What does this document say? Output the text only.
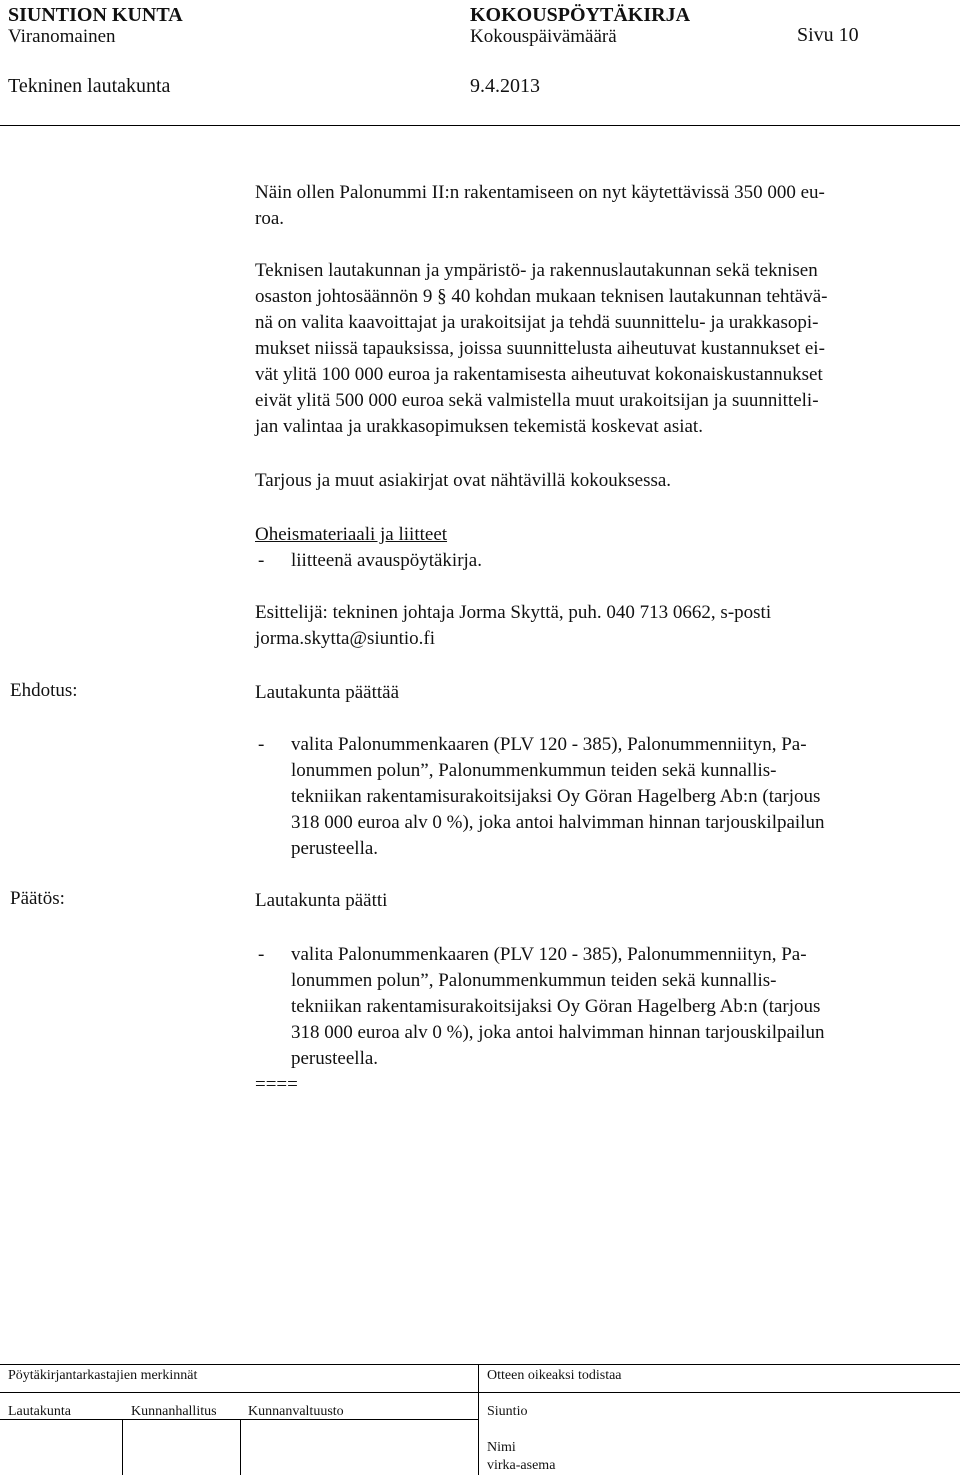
SIUNTION KUNTA	KOKOUSPÖYTÄKIRJA
Viranomainen	Kokouspäivämäärä	Sivu 10
Tekninen lautakunta	9.4.2013
Näin ollen Palonummi II:n rakentamiseen on nyt käytettävissä 350 000 eu-
roa.
Teknisen lautakunnan ja ympäristö- ja rakennuslautakunnan sekä teknisen
osaston johtosäännön 9 § 40 kohdan mukaan teknisen lautakunnan tehtävä-
nä on valita kaavoittajat ja urakoitsijat ja tehdä suunnittelu- ja urakkasopi-
mukset niissä tapauksissa, joissa suunnittelusta aiheutuvat kustannukset ei-
vät ylitä 100 000 euroa ja rakentamisesta aiheutuvat kokonaiskustannukset
eivät ylitä 500 000 euroa sekä valmistella muut urakoitsijan ja suunnitteli-
jan valintaa ja urakkasopimuksen tekemistä koskevat asiat.
Tarjous ja muut asiakirjat ovat nähtävillä kokouksessa.
Oheismateriaali ja liitteet
- liitteenä avauspöytäkirja.
Esittelijä: tekninen johtaja Jorma Skyttä, puh. 040 713 0662, s-posti
jorma.skytta@siuntio.fi
Ehdotus:	Lautakunta päättää
- valita Palonummenkaaren (PLV 120 - 385), Palonummenniityn, Pa-
lonummen polun”, Palonummenkummun teiden sekä kunnallis-
tekniikan rakentamisurakoitsijaksi Oy Göran Hagelberg Ab:n (tarjous
318 000 euroa alv 0 %), joka antoi halvimman hinnan tarjouskilpailun
perusteella.
Päätös:	Lautakunta päätti
- valita Palonummenkaaren (PLV 120 - 385), Palonummenniityn, Pa-
lonummen polun”, Palonummenkummun teiden sekä kunnallis-
tekniikan rakentamisurakoitsijaksi Oy Göran Hagelberg Ab:n (tarjous
318 000 euroa alv 0 %), joka antoi halvimman hinnan tarjouskilpailun
perusteella.
====
Pöytäkirjantarkastajien merkinnät	Otteen oikeaksi todistaa
Lautakunta	Kunnanhallitus Kunnanvaltuusto	Siuntio
Nimi
virka-asema
